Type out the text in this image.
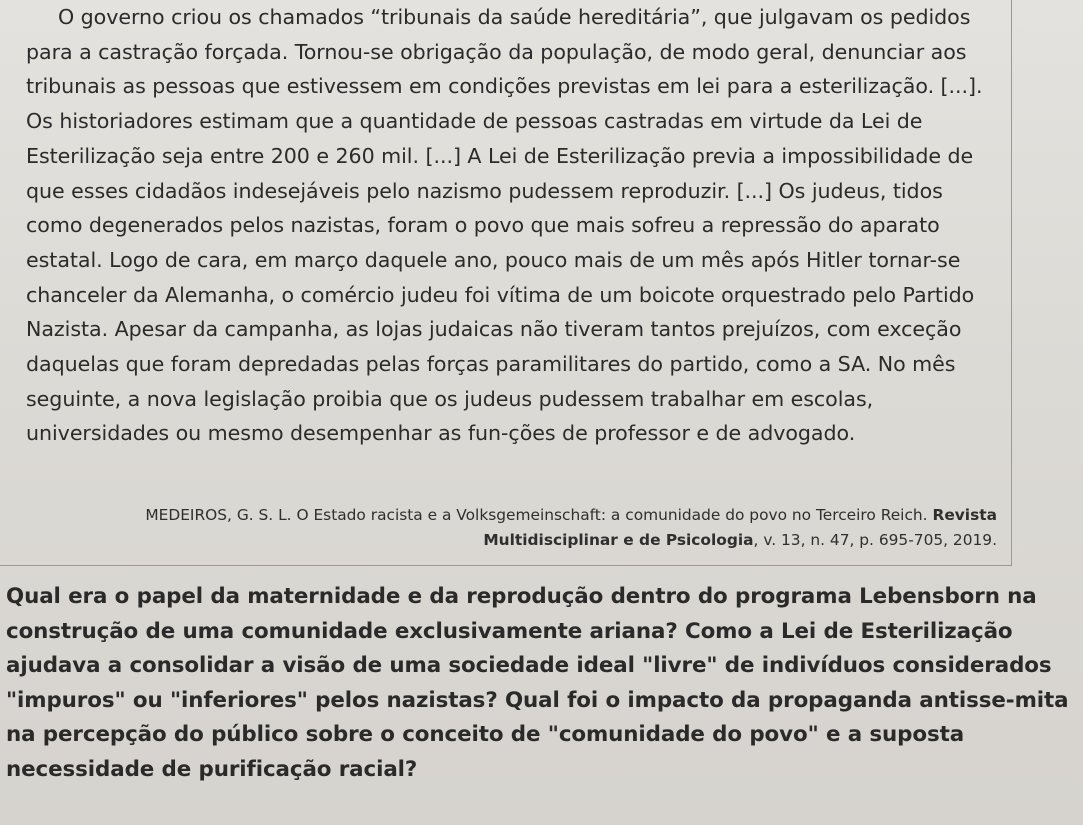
O governo criou os chamados “tribunais da saúde hereditária”, que julgavam os pedidos para a castração forçada. Tornou-se obrigação da população, de modo geral, denunciar aos tribunais as pessoas que estivessem em condições previstas em lei para a esterilização. [...]. Os historiadores estimam que a quantidade de pessoas castradas em virtude da Lei de Esterilização seja entre 200 e 260 mil. [...] A Lei de Esterilização previa a impossibilidade de que esses cidadãos indesejáveis pelo nazismo pudessem reproduzir. [...] Os judeus, tidos como degenerados pelos nazistas, foram o povo que mais sofreu a repressão do aparato estatal. Logo de cara, em março daquele ano, pouco mais de um mês após Hitler tornar-se chanceler da Alemanha, o comércio judeu foi vítima de um boicote orquestrado pelo Partido Nazista. Apesar da campanha, as lojas judaicas não tiveram tantos prejuízos, com exceção daquelas que foram depredadas pelas forças paramilitares do partido, como a SA. No mês seguinte, a nova legislação proibia que os judeus pudessem trabalhar em escolas, universidades ou mesmo desempenhar as fun-ções de professor e de advogado.

MEDEIROS, G. S. L. O Estado racista e a Volksgemeinschaft: a comunidade do povo no Terceiro Reich. Revista Multidisciplinar e de Psicologia, v. 13, n. 47, p. 695-705, 2019.

Qual era o papel da maternidade e da reprodução dentro do programa Lebensborn na construção de uma comunidade exclusivamente ariana? Como a Lei de Esterilização ajudava a consolidar a visão de uma sociedade ideal "livre" de indivíduos considerados "impuros" ou "inferiores" pelos nazistas? Qual foi o impacto da propaganda antisse-mita na percepção do público sobre o conceito de "comunidade do povo" e a suposta necessidade de purificação racial?
